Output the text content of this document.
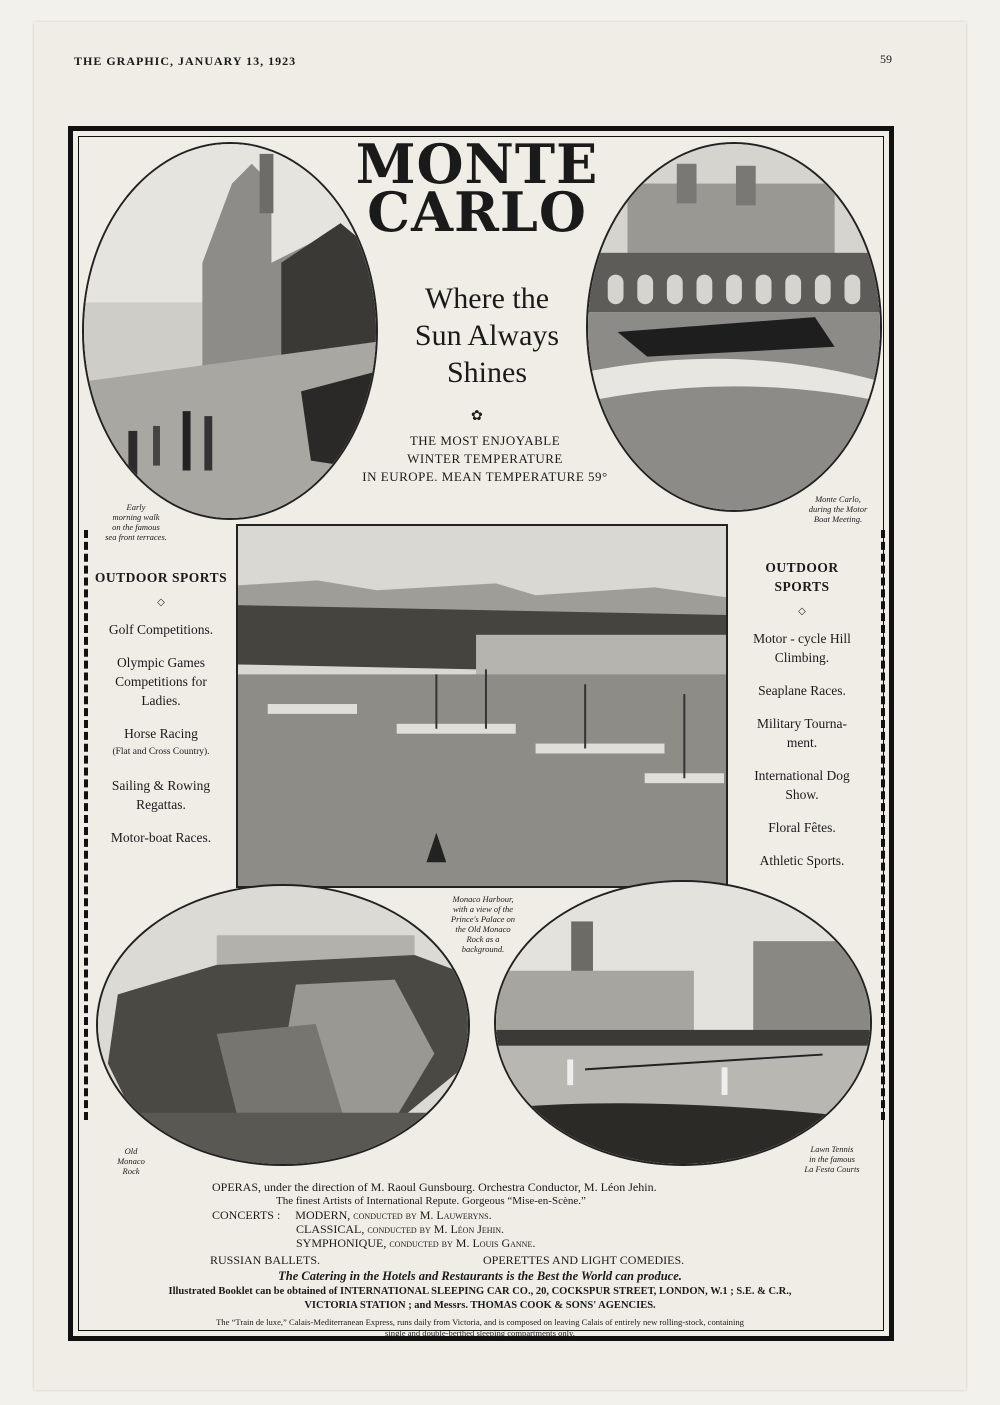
THE GRAPHIC, JANUARY 13, 1923	59
MONTE
CARLO
Where the
Sun Always
Shines
✿
THE MOST ENJOYABLE
WINTER TEMPERATURE
IN EUROPE. MEAN TEMPERATURE 59°
Early
morning walk
on the famous
sea front terraces.
Monte Carlo,
during the Motor
Boat Meeting.
Monaco Harbour,
with a view of the
Prince's Palace on
the Old Monaco
Rock as a
background.
Old
Monaco
Rock
Lawn Tennis
in the famous
La Festa Courts
OUTDOOR SPORTS
◇
Golf Competitions.
Olympic Games
Competitions for
Ladies.
Horse Racing
(Flat and Cross Country).
Sailing & Rowing
Regattas.
Motor-boat Races.
OUTDOOR SPORTS
◇
Motor - cycle Hill
Climbing.
Seaplane Races.
Military Tourna-
ment.
International Dog
Show.
Floral Fêtes.
Athletic Sports.
OPERAS, under the direction of M. Raoul Gunsbourg. Orchestra Conductor, M. Léon Jehin.
The finest Artists of International Repute. Gorgeous “Mise-en-Scène.”
CONCERTS : MODERN, conducted by M. Lauweryns.
CLASSICAL, conducted by M. Léon Jehin.
SYMPHONIQUE, conducted by M. Louis Ganne.
RUSSIAN BALLETS.	OPERETTES AND LIGHT COMEDIES.
The Catering in the Hotels and Restaurants is the Best the World can produce.
Illustrated Booklet can be obtained of INTERNATIONAL SLEEPING CAR CO., 20, COCKSPUR STREET, LONDON, W.1 ; S.E. & C.R.,
VICTORIA STATION ; and Messrs. THOMAS COOK & SONS' AGENCIES.
The “Train de luxe,” Calais-Mediterranean Express, runs daily from Victoria, and is composed on leaving Calais of entirely new rolling-stock, containing
single and double-berthed sleeping compartments only.
